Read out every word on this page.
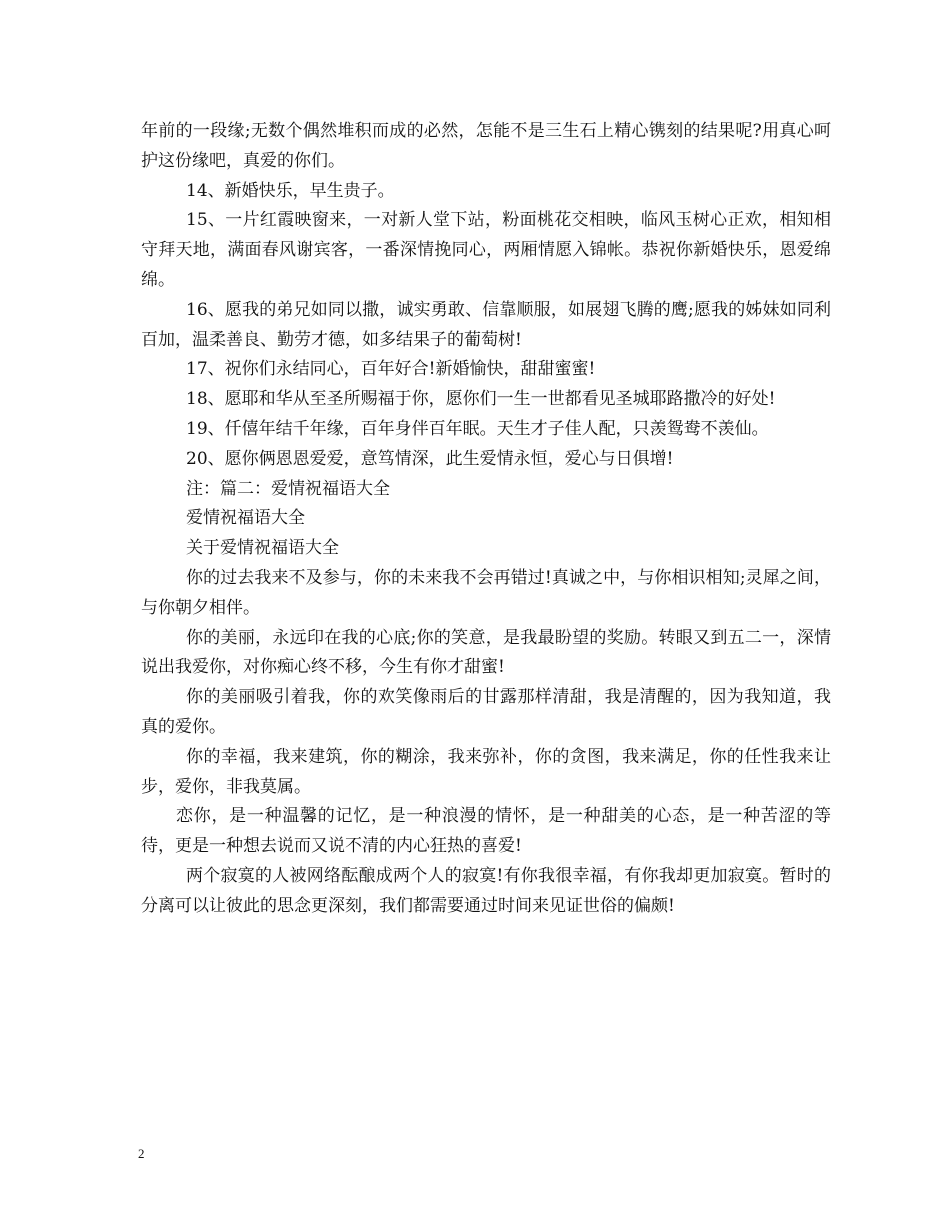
年前的一段缘;无数个偶然堆积而成的必然，怎能不是三生石上精心镌刻的结果呢?用真心呵护这份缘吧，真爱的你们。

14、新婚快乐，早生贵子。

15、一片红霞映窗来，一对新人堂下站，粉面桃花交相映，临风玉树心正欢，相知相守拜天地，满面春风谢宾客，一番深情挽同心，两厢情愿入锦帐。恭祝你新婚快乐，恩爱绵绵。

16、愿我的弟兄如同以撒，诚实勇敢、信靠顺服，如展翅飞腾的鹰;愿我的姊妹如同利百加，温柔善良、勤劳才德，如多结果子的葡萄树!

17、祝你们永结同心，百年好合!新婚愉快，甜甜蜜蜜!

18、愿耶和华从至圣所赐福于你，愿你们一生一世都看见圣城耶路撒冷的好处!

19、仟僖年结千年缘，百年身伴百年眠。天生才子佳人配，只羡鸳鸯不羡仙。

20、愿你俩恩恩爱爱，意笃情深，此生爱情永恒，爱心与日俱增!

注：篇二：爱情祝福语大全

爱情祝福语大全

关于爱情祝福语大全

你的过去我来不及参与，你的未来我不会再错过!真诚之中，与你相识相知;灵犀之间，与你朝夕相伴。

你的美丽，永远印在我的心底;你的笑意，是我最盼望的奖励。转眼又到五二一，深情说出我爱你，对你痴心终不移，今生有你才甜蜜!

你的美丽吸引着我，你的欢笑像雨后的甘露那样清甜，我是清醒的，因为我知道，我真的爱你。

你的幸福，我来建筑，你的糊涂，我来弥补，你的贪图，我来满足，你的任性我来让步，爱你，非我莫属。

恋你，是一种温馨的记忆，是一种浪漫的情怀，是一种甜美的心态，是一种苦涩的等待，更是一种想去说而又说不清的内心狂热的喜爱!

两个寂寞的人被网络酝酿成两个人的寂寞!有你我很幸福，有你我却更加寂寞。暂时的分离可以让彼此的思念更深刻，我们都需要通过时间来见证世俗的偏颇!

2
